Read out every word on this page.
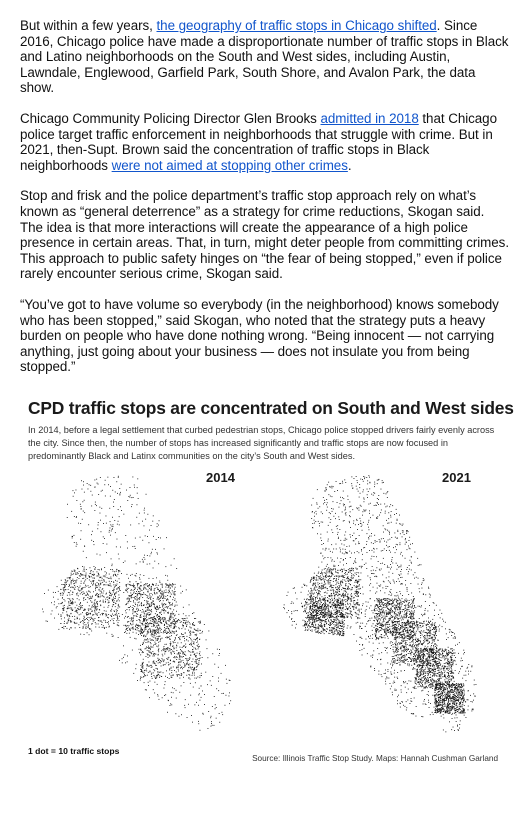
But within a few years, the geography of traffic stops in Chicago shifted. Since 2016, Chicago police have made a disproportionate number of traffic stops in Black and Latino neighborhoods on the South and West sides, including Austin, Lawndale, Englewood, Garfield Park, South Shore, and Avalon Park, the data show.

Chicago Community Policing Director Glen Brooks admitted in 2018 that Chicago police target traffic enforcement in neighborhoods that struggle with crime. But in 2021, then-Supt. Brown said the concentration of traffic stops in Black neighborhoods were not aimed at stopping other crimes.

Stop and frisk and the police department’s traffic stop approach rely on what’s known as “general deterrence” as a strategy for crime reductions, Skogan said. The idea is that more interactions will create the appearance of a high police presence in certain areas. That, in turn, might deter people from committing crimes. This approach to public safety hinges on “the fear of being stopped,” even if police rarely encounter serious crime, Skogan said.

“You’ve got to have volume so everybody (in the neighborhood) knows somebody who has been stopped,” said Skogan, who noted that the strategy puts a heavy burden on people who have done nothing wrong. “Being innocent — not carrying anything, just going about your business — does not insulate you from being stopped.”

CPD traffic stops are concentrated on South and West sides
In 2014, before a legal settlement that curbed pedestrian stops, Chicago police stopped drivers fairly evenly across the city. Since then, the number of stops has increased significantly and traffic stops are now focused in predominantly Black and Latinx communities on the city’s South and West sides.
2014	2021
1 dot = 10 traffic stops
Source: Illinois Traffic Stop Study. Maps: Hannah Cushman Garland
